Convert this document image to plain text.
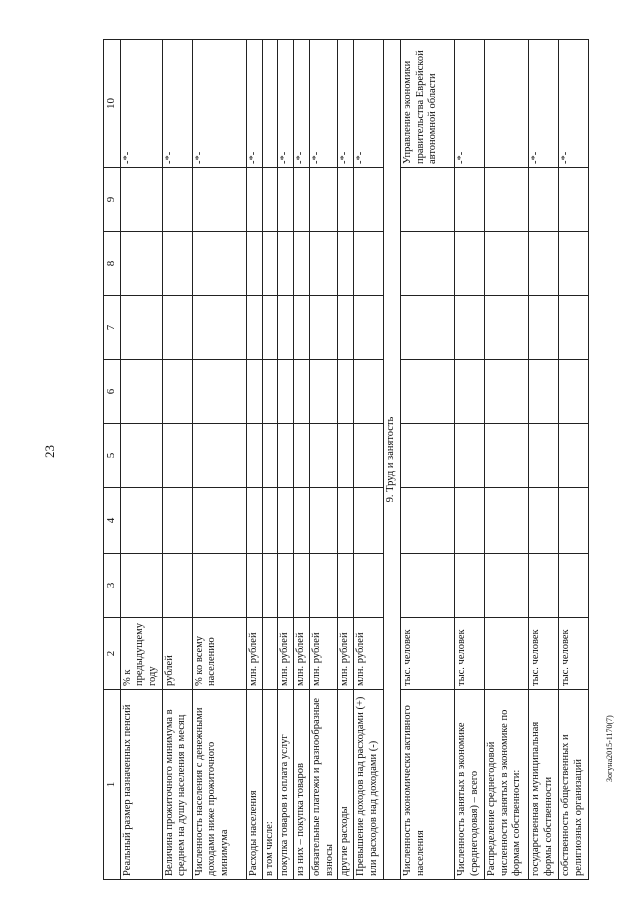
23
Зогуна2015-1170(7)
1	2	3	4	5	6	7	8	9	10
Реальный размер назначенных пенсий	% к предыдущему году								-*-
Величина прожиточного минимума в среднем на душу населения в месяц	рублей								-*-
Численность населения с денежными доходами ниже прожиточного минимума	% ко всему населению								-*-
Расходы населения	млн. рублей								-*-
в том числе:									
покупка товаров и оплата услуг	млн. рублей								-*-
из них – покупка товаров	млн. рублей								-*-
обязательные платежи и разнообразные взносы	млн. рублей								-*-
другие расходы	млн. рублей								-*-
Превышение доходов над расходами (+) или расходов над доходами (-)	млн. рублей								-*-
9. Труд и занятость									
Численность экономически активного населения	тыс. человек								Управление экономики правительства Еврейской автономной области
Численность занятых в экономике (среднегодовая) – всего	тыс. человек								-*-
Распределение среднегодовой численности занятых в экономике по формам собственности:									
государственная и муниципальная формы собственности	тыс. человек								-*-
собственность общественных и религиозных организаций	тыс. человек								-*-
